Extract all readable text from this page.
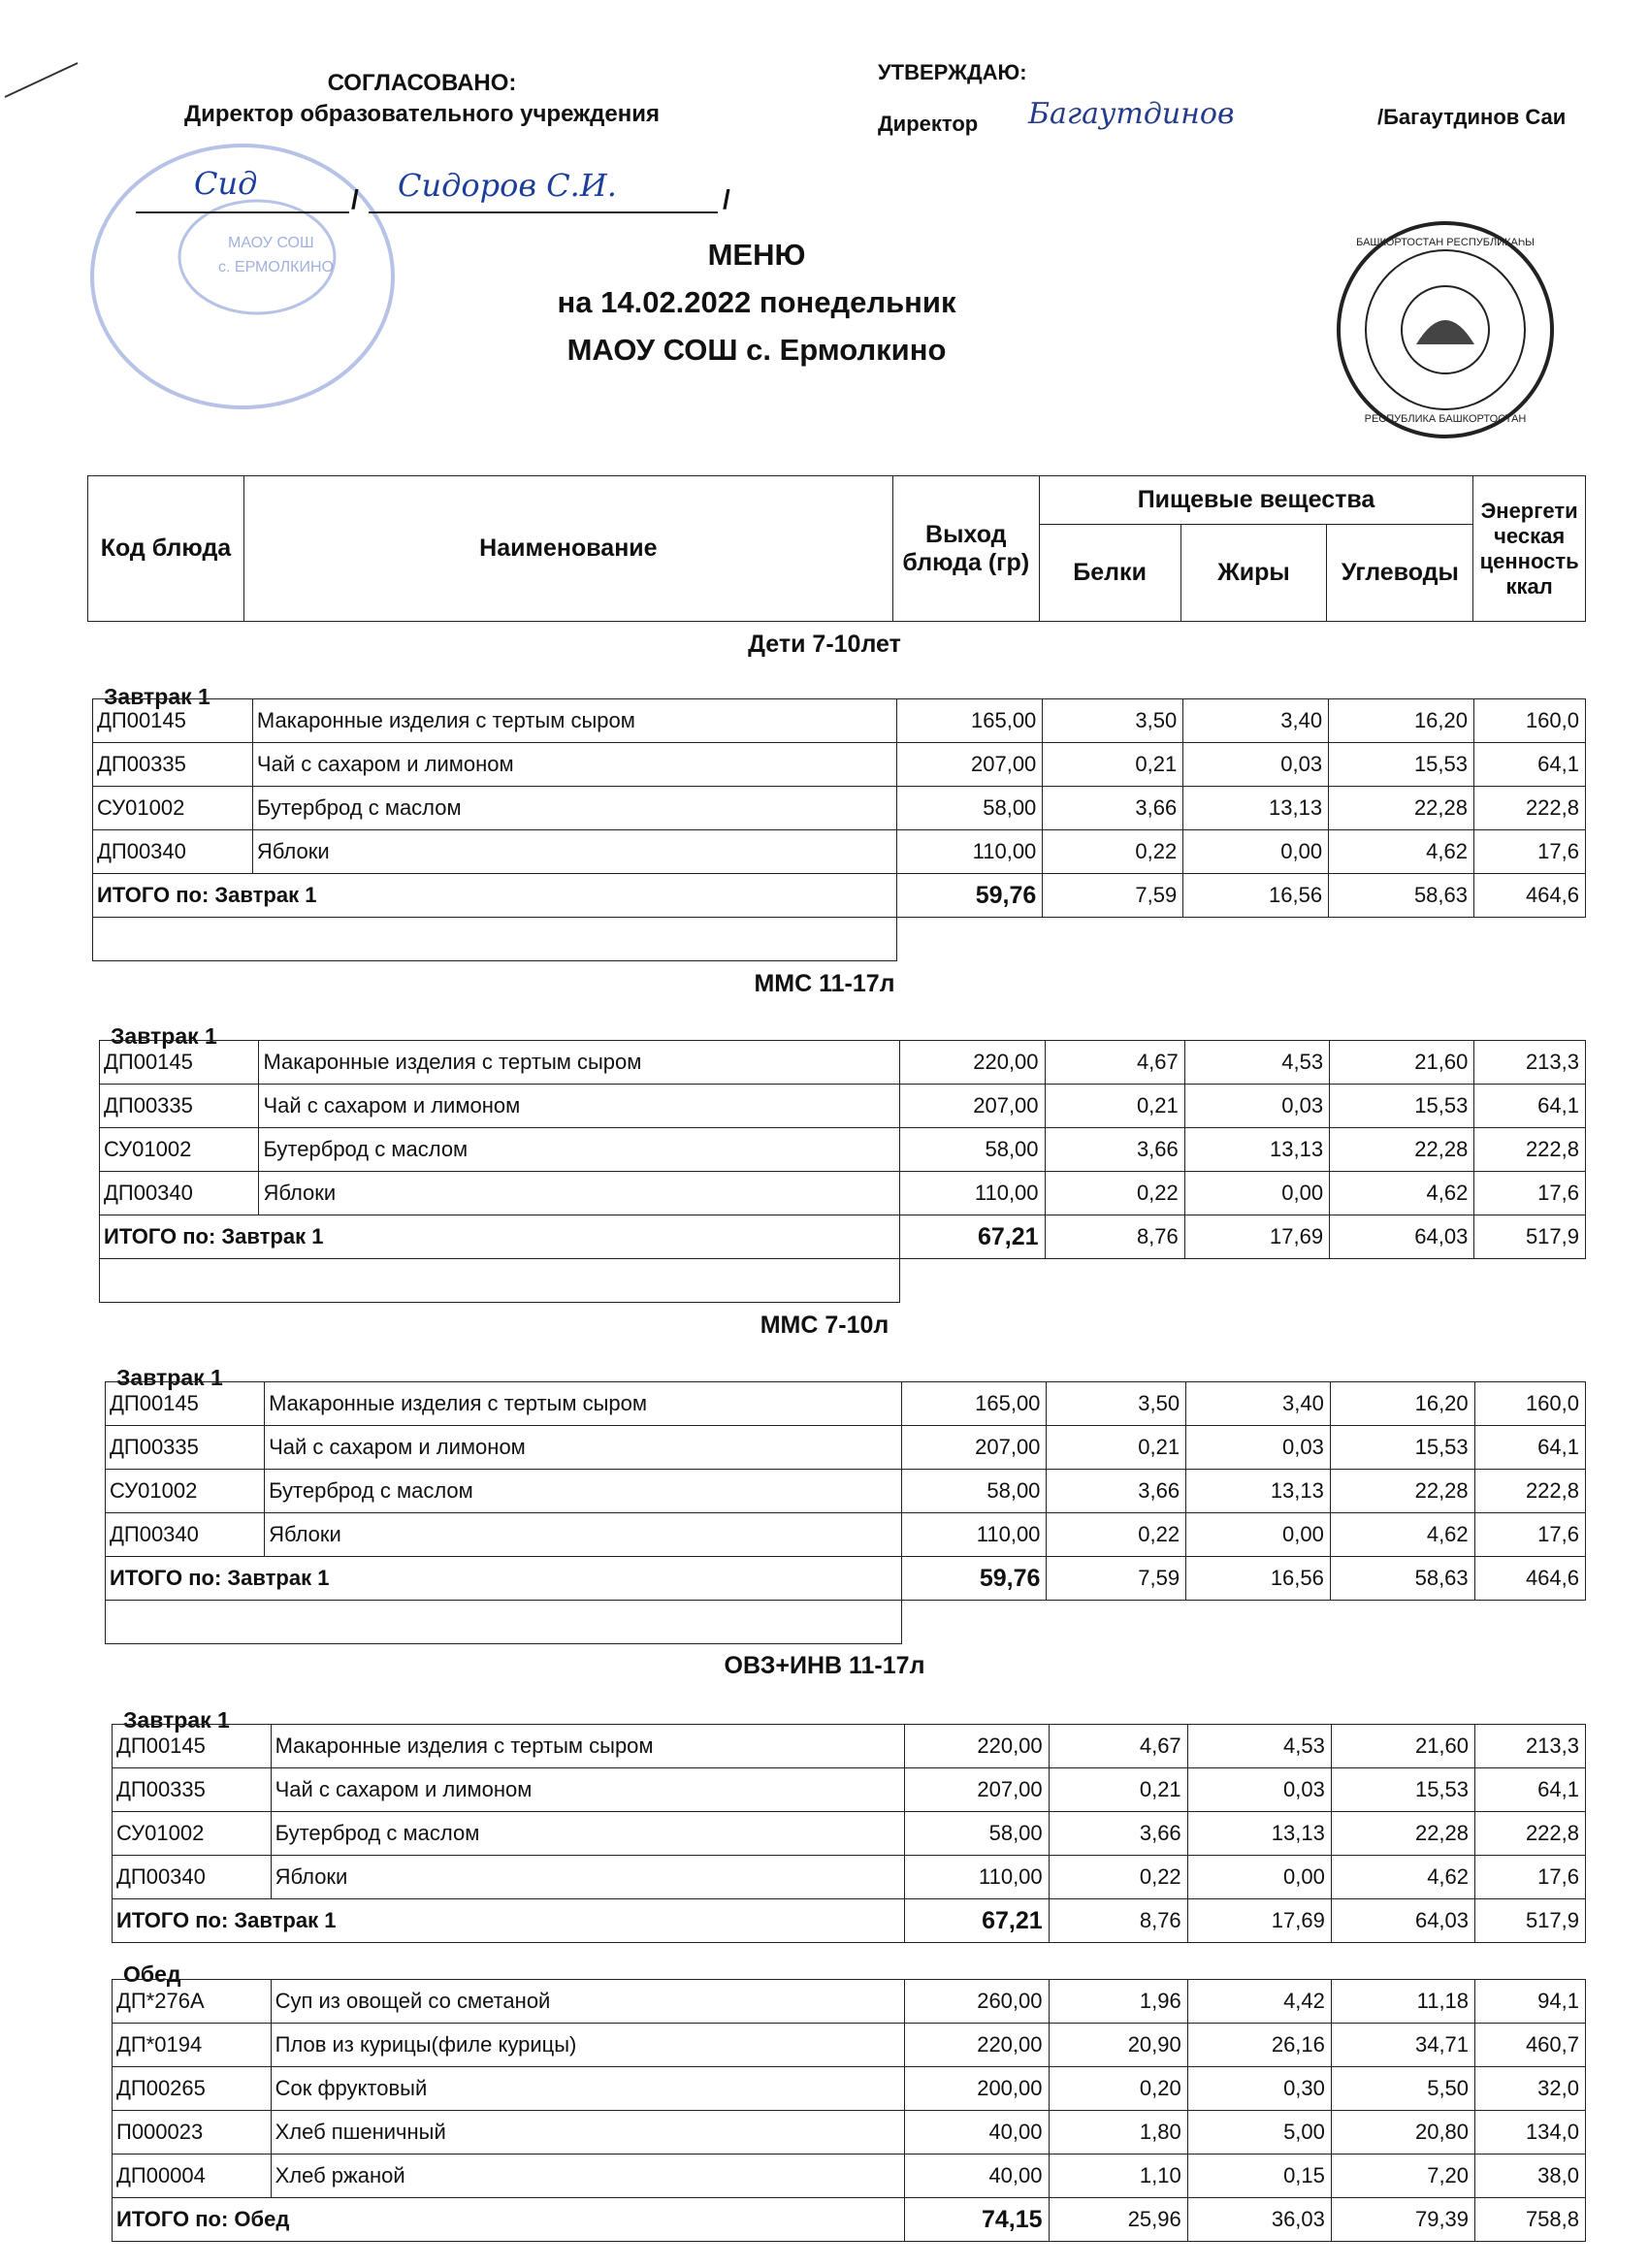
МАОУ СОШ
с. ЕРМОЛКИНО
СОГЛАСОВАНО:
Директор образовательного учреждения
/	/
Сид	Сидоров С.И.
УТВЕРЖДАЮ:
Директор Багаутдинов	/Багаутдинов Саи
БАШКОРТОСТАН РЕСПУБЛИКАҺЫ
РЕСПУБЛИКА БАШКОРТОСТАН
МЕНЮ
на 14.02.2022 понедельник
МАОУ СОШ с. Ермолкино
Код блюда	Наименование	Выход блюда (гр)	Пищевые вещества			Энергети ческая ценность ккал
			Белки	Жиры	Углеводы	
Дети 7-10лет
Завтрак 1
ДП00145	Макаронные изделия с тертым сыром	165,00	3,50	3,40	16,20	160,0
ДП00335	Чай с сахаром и лимоном	207,00	0,21	0,03	15,53	64,1
СУ01002	Бутерброд с маслом	58,00	3,66	13,13	22,28	222,8
ДП00340	Яблоки	110,00	0,22	0,00	4,62	17,6
ИТОГО по: Завтрак 1		59,76	7,59	16,56	58,63	464,6

ММС 11-17л
Завтрак 1
ДП00145	Макаронные изделия с тертым сыром	220,00	4,67	4,53	21,60	213,3
ДП00335	Чай с сахаром и лимоном	207,00	0,21	0,03	15,53	64,1
СУ01002	Бутерброд с маслом	58,00	3,66	13,13	22,28	222,8
ДП00340	Яблоки	110,00	0,22	0,00	4,62	17,6
ИТОГО по: Завтрак 1		67,21	8,76	17,69	64,03	517,9

ММС 7-10л
Завтрак 1
ДП00145	Макаронные изделия с тертым сыром	165,00	3,50	3,40	16,20	160,0
ДП00335	Чай с сахаром и лимоном	207,00	0,21	0,03	15,53	64,1
СУ01002	Бутерброд с маслом	58,00	3,66	13,13	22,28	222,8
ДП00340	Яблоки	110,00	0,22	0,00	4,62	17,6
ИТОГО по: Завтрак 1		59,76	7,59	16,56	58,63	464,6

ОВЗ+ИНВ 11-17л
Завтрак 1
ДП00145	Макаронные изделия с тертым сыром	220,00	4,67	4,53	21,60	213,3
ДП00335	Чай с сахаром и лимоном	207,00	0,21	0,03	15,53	64,1
СУ01002	Бутерброд с маслом	58,00	3,66	13,13	22,28	222,8
ДП00340	Яблоки	110,00	0,22	0,00	4,62	17,6
ИТОГО по: Завтрак 1		67,21	8,76	17,69	64,03	517,9
Обед
ДП*276А	Суп из овощей со сметаной	260,00	1,96	4,42	11,18	94,1
ДП*0194	Плов из курицы(филе курицы)	220,00	20,90	26,16	34,71	460,7
ДП00265	Сок фруктовый	200,00	0,20	0,30	5,50	32,0
П000023	Хлеб пшеничный	40,00	1,80	5,00	20,80	134,0
ДП00004	Хлеб ржаной	40,00	1,10	0,15	7,20	38,0
ИТОГО по: Обед		74,15	25,96	36,03	79,39	758,8
